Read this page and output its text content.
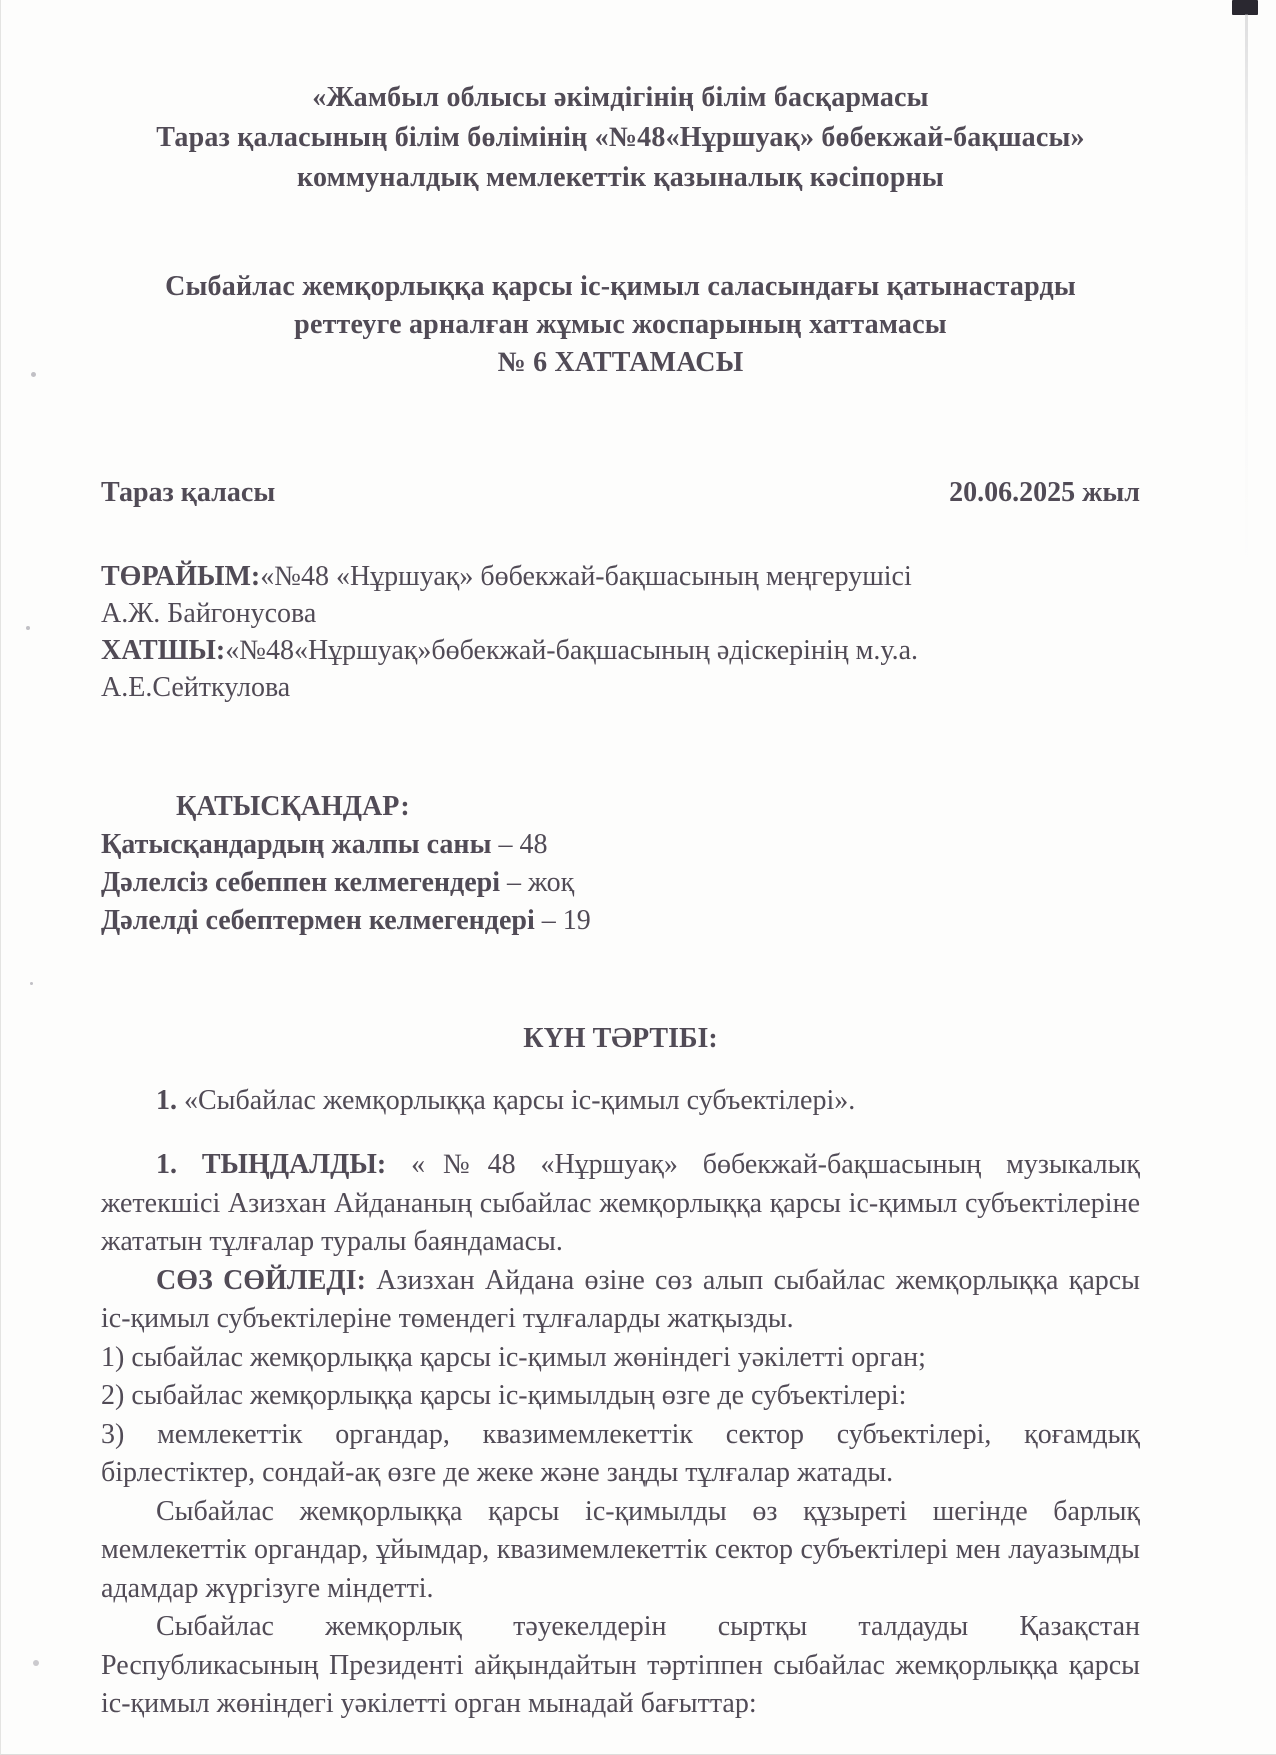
«Жамбыл облысы әкімдігінің білім басқармасы
Тараз қаласының білім бөлімінің «№48«Нұршуақ» бөбекжай-бақшасы»
коммуналдық мемлекеттік қазыналық кәсіпорны
Сыбайлас жемқорлыққа қарсы іс-қимыл саласындағы қатынастарды
реттеуге арналған жұмыс жоспарының хаттамасы
№ 6 ХАТТАМАСЫ
Тараз қаласы	20.06.2025 жыл
ТӨРАЙЫМ:«№48 «Нұршуақ» бөбекжай-бақшасының меңгерушісі
А.Ж. Байгонусова
ХАТШЫ:«№48«Нұршуақ»бөбекжай-бақшасының әдіскерінің м.у.а.
А.Е.Сейткулова
ҚАТЫСҚАНДАР:
Қатысқандардың жалпы саны – 48
Дәлелсіз себеппен келмегендері – жоқ
Дәлелді себептермен келмегендері – 19
КҮН ТӘРТІБІ:
1. «Сыбайлас жемқорлыққа қарсы іс-қимыл субъектілері».

1. ТЫҢДАЛДЫ: «№48 «Нұршуақ» бөбекжай-бақшасының музыкалық жетекшісі Азизхан Айдананың сыбайлас жемқорлыққа қарсы іс-қимыл субъектілеріне жататын тұлғалар туралы баяндамасы.

СӨЗ СӨЙЛЕДІ: Азизхан Айдана өзіне сөз алып сыбайлас жемқорлыққа қарсы іс-қимыл субъектілеріне төмендегі тұлғаларды жатқызды.

1) сыбайлас жемқорлыққа қарсы іс-қимыл жөніндегі уәкілетті орган;

2) сыбайлас жемқорлыққа қарсы іс-қимылдың өзге де субъектілері:

3) мемлекеттік органдар, квазимемлекеттік сектор субъектілері, қоғамдық бірлестіктер, сондай-ақ өзге де жеке және заңды тұлғалар жатады.

Сыбайлас жемқорлыққа қарсы іс-қимылды өз құзыреті шегінде барлық мемлекеттік органдар, ұйымдар, квазимемлекеттік сектор субъектілері мен лауазымды адамдар жүргізуге міндетті.

Сыбайлас жемқорлық тәуекелдерін сыртқы талдауды Қазақстан Республикасының Президенті айқындайтын тәртіппен сыбайлас жемқорлыққа қарсы іс-қимыл жөніндегі уәкілетті орган мынадай бағыттар:
